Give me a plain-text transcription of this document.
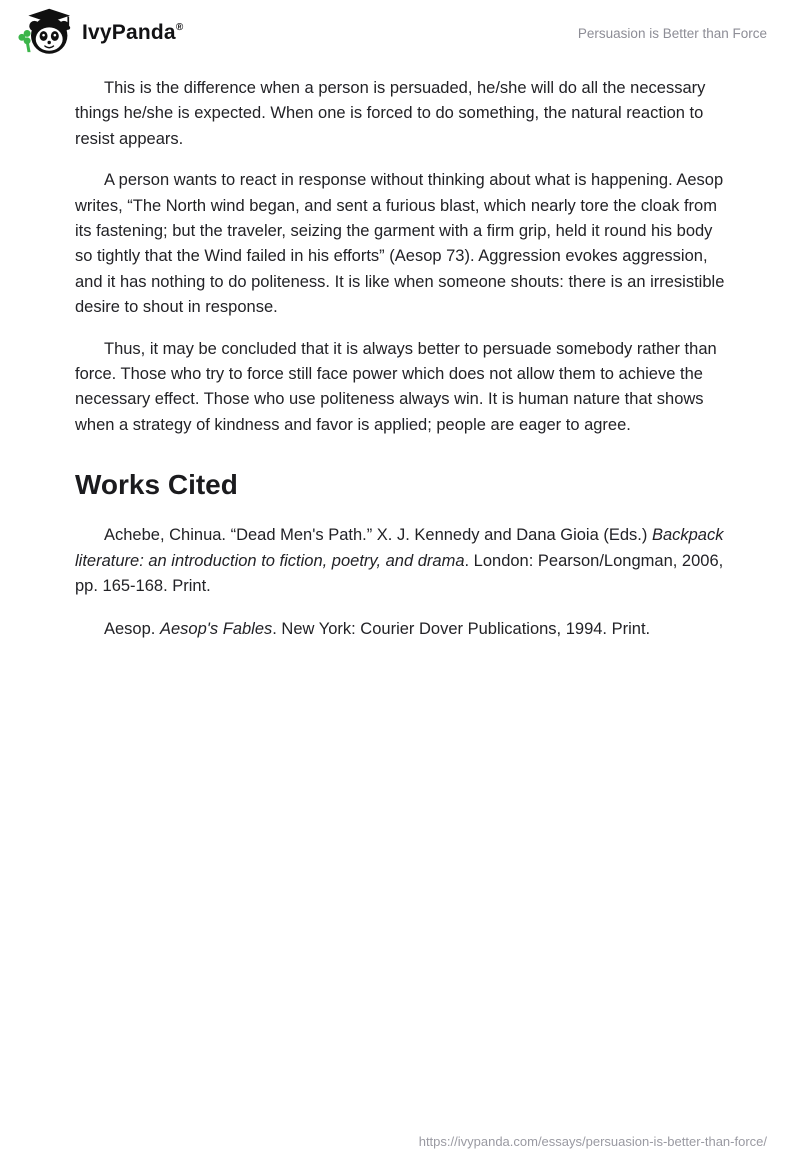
IvyPanda®	Persuasion is Better than Force

This is the difference when a person is persuaded, he/she will do all the necessary things he/she is expected. When one is forced to do something, the natural reaction to resist appears.

A person wants to react in response without thinking about what is happening. Aesop writes, “The North wind began, and sent a furious blast, which nearly tore the cloak from its fastening; but the traveler, seizing the garment with a firm grip, held it round his body so tightly that the Wind failed in his efforts” (Aesop 73). Aggression evokes aggression, and it has nothing to do politeness. It is like when someone shouts: there is an irresistible desire to shout in response.

Thus, it may be concluded that it is always better to persuade somebody rather than force. Those who try to force still face power which does not allow them to achieve the necessary effect. Those who use politeness always win. It is human nature that shows when a strategy of kindness and favor is applied; people are eager to agree.

Works Cited

Achebe, Chinua. “Dead Men's Path.” X. J. Kennedy and Dana Gioia (Eds.) Backpack literature: an introduction to fiction, poetry, and drama. London: Pearson/Longman, 2006, pp. 165-168. Print.

Aesop. Aesop's Fables. New York: Courier Dover Publications, 1994. Print.

https://ivypanda.com/essays/persuasion-is-better-than-force/
